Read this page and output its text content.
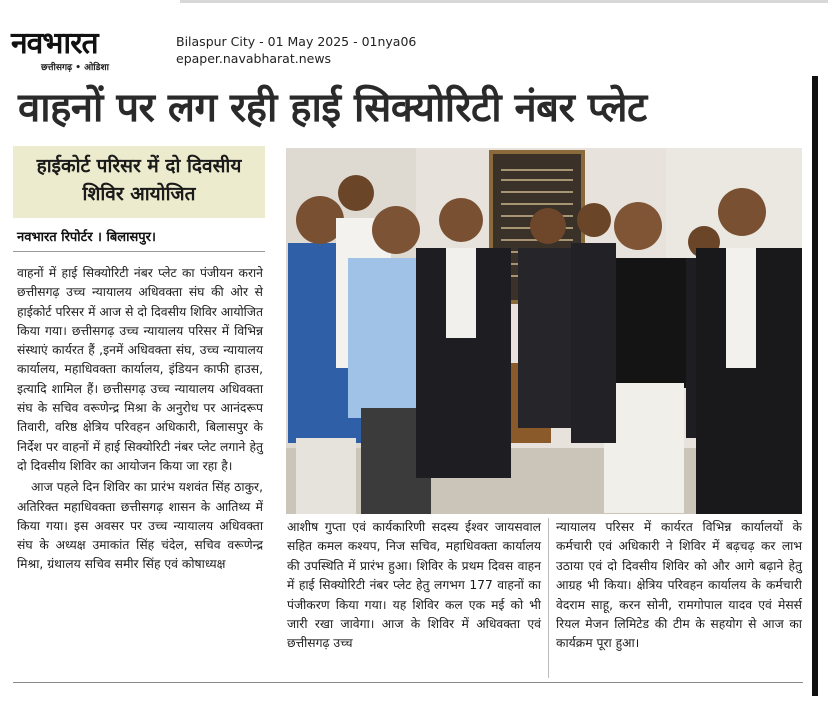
नवभारत
छत्तीसगढ़ • ओडिशा
Bilaspur City - 01 May 2025 - 01nya06
epaper.navabharat.news
वाहनों पर लग रही हाई सिक्योरिटी नंबर प्लेट
हाईकोर्ट परिसर में दो दिवसीय शिविर आयोजित
नवभारत रिपोर्टर । बिलासपुर।

वाहनों में हाई सिक्योरिटी नंबर प्लेट का पंजीयन कराने छत्तीसगढ़ उच्च न्यायालय अधिवक्ता संघ की ओर से हाईकोर्ट परिसर में आज से दो दिवसीय शिविर आयोजित किया गया। छत्तीसगढ़ उच्च न्यायालय परिसर में विभिन्न संस्थाएं कार्यरत हैं ,इनमें अधिवक्ता संघ, उच्च न्यायालय कार्यालय, महाधिवक्ता कार्यालय, इंडियन काफी हाउस, इत्यादि शामिल हैं। छत्तीसगढ़ उच्च न्यायालय अधिवक्ता संघ के सचिव वरूणेन्द्र मिश्रा के अनुरोध पर आनंदरूप तिवारी, वरिष्ठ क्षेत्रिय परिवहन अधिकारी, बिलासपुर के निर्देश पर वाहनों में हाई सिक्योरिटी नंबर प्लेट लगाने हेतु दो दिवसीय शिविर का आयोजन किया जा रहा है।

आज पहले दिन शिविर का प्रारंभ यशवंत सिंह ठाकुर, अतिरिक्त महाधिवक्ता छत्तीसगढ़ शासन के आतिथ्य में किया गया। इस अवसर पर उच्च न्यायालय अधिवक्ता संघ के अध्यक्ष उमाकांत सिंह चंदेल, सचिव वरूणेन्द्र मिश्रा, ग्रंथालय सचिव समीर सिंह एवं कोषाध्यक्ष

आशीष गुप्ता एवं कार्यकारिणी सदस्य ईश्वर जायसवाल सहित कमल कश्यप, निज सचिव, महाधिवक्ता कार्यालय की उपस्थिति में प्रारंभ हुआ। शिविर के प्रथम दिवस वाहन में हाई सिक्योरिटी नंबर प्लेट हेतु लगभग 177 वाहनों का पंजीकरण किया गया। यह शिविर कल एक मई को भी जारी रखा जावेगा। आज के शिविर में अधिवक्ता एवं छत्तीसगढ़ उच्च
न्यायालय परिसर में कार्यरत विभिन्न कार्यालयों के कर्मचारी एवं अधिकारी ने शिविर में बढ़चढ़ कर लाभ उठाया एवं दो दिवसीय शिविर को और आगे बढ़ाने हेतु आग्रह भी किया। क्षेत्रिय परिवहन कार्यालय के कर्मचारी वेदराम साहू, करन सोनी, रामगोपाल यादव एवं मेसर्स रियल मेजन लिमिटेड की टीम के सहयोग से आज का कार्यक्रम पूरा हुआ।
